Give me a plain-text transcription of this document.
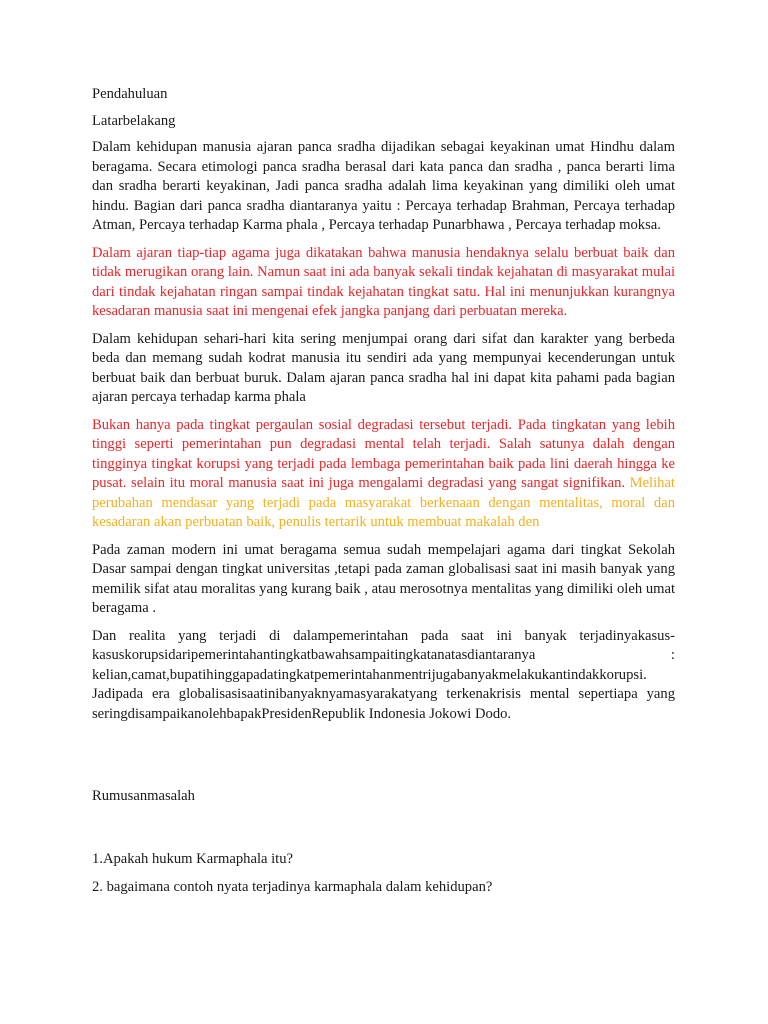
Pendahuluan

Latarbelakang

Dalam kehidupan manusia ajaran panca sradha dijadikan sebagai keyakinan umat Hindhu dalam beragama. Secara etimologi panca sradha berasal dari kata panca dan sradha , panca berarti lima dan sradha berarti keyakinan, Jadi panca sradha adalah lima keyakinan yang dimiliki oleh umat hindu. Bagian dari panca sradha diantaranya yaitu : Percaya terhadap Brahman, Percaya terhadap Atman, Percaya terhadap Karma phala , Percaya terhadap Punarbhawa , Percaya terhadap moksa.

Dalam ajaran tiap-tiap agama juga dikatakan bahwa manusia hendaknya selalu berbuat baik dan tidak merugikan orang lain. Namun saat ini ada banyak sekali tindak kejahatan di masyarakat mulai dari tindak kejahatan ringan sampai tindak kejahatan tingkat satu. Hal ini menunjukkan kurangnya kesadaran manusia saat ini mengenai efek jangka panjang dari perbuatan mereka.

Dalam kehidupan sehari-hari kita sering menjumpai orang dari sifat dan karakter yang berbeda beda dan memang sudah kodrat manusia itu sendiri ada yang mempunyai kecenderungan untuk berbuat baik dan berbuat buruk. Dalam ajaran panca sradha hal ini dapat kita pahami pada bagian ajaran percaya terhadap karma phala

Bukan hanya pada tingkat pergaulan sosial degradasi tersebut terjadi. Pada tingkatan yang lebih tinggi seperti pemerintahan pun degradasi mental telah terjadi. Salah satunya dalah dengan tingginya tingkat korupsi yang terjadi pada lembaga pemerintahan baik pada lini daerah hingga ke pusat. selain itu moral manusia saat ini juga mengalami degradasi yang sangat signifikan. Melihat perubahan mendasar yang terjadi pada masyarakat berkenaan dengan mentalitas, moral dan kesadaran akan perbuatan baik, penulis tertarik untuk membuat makalah den

Pada zaman modern ini umat beragama semua sudah mempelajari agama dari tingkat Sekolah Dasar sampai dengan tingkat universitas ,tetapi pada zaman globalisasi saat ini masih banyak yang memilik sifat atau moralitas yang kurang baik , atau merosotnya mentalitas yang dimiliki oleh umat beragama .

Dan realita yang terjadi di dalampemerintahan pada saat ini banyak terjadinyakasus-kasuskorupsidaripemerintahantingkatbawahsampaitingkatanatasdiantaranya : kelian,camat,bupatihinggapadatingkatpemerintahanmentrijugabanyakmelakukantindakkorupsi. Jadipada era globalisasisaatinibanyaknyamasyarakatyang terkenakrisis mental sepertiapa yang seringdisampaikanolehbapakPresidenRepublik Indonesia Jokowi Dodo.

Rumusanmasalah

1.Apakah hukum Karmaphala itu?

2. bagaimana contoh nyata terjadinya karmaphala dalam kehidupan?
